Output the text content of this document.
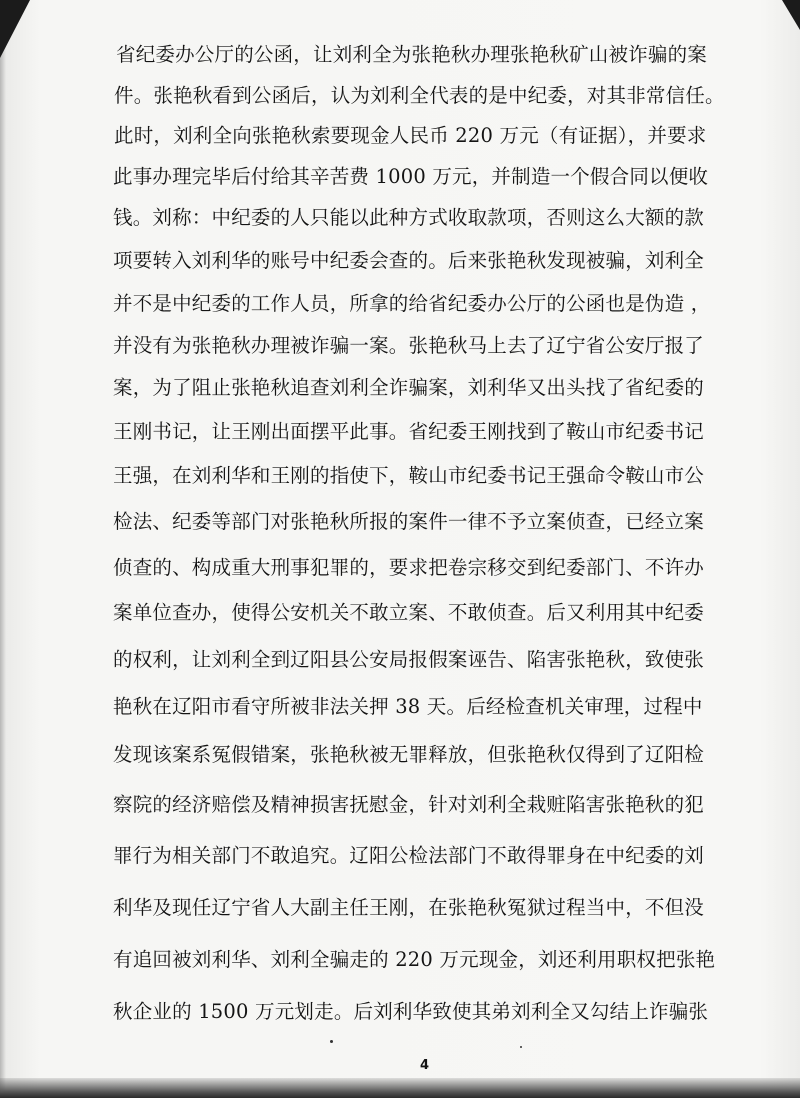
省纪委办公厅的公函，让刘利全为张艳秋办理张艳秋矿山被诈骗的案
件。张艳秋看到公函后，认为刘利全代表的是中纪委，对其非常信任。
此时，刘利全向张艳秋索要现金人民币 220 万元（有证据），并要求
此事办理完毕后付给其辛苦费 1000 万元，并制造一个假合同以便收
钱。刘称：中纪委的人只能以此种方式收取款项，否则这么大额的款
项要转入刘利华的账号中纪委会查的。后来张艳秋发现被骗，刘利全
并不是中纪委的工作人员，所拿的给省纪委办公厅的公函也是伪造 ，
并没有为张艳秋办理被诈骗一案。张艳秋马上去了辽宁省公安厅报了
案，为了阻止张艳秋追查刘利全诈骗案，刘利华又出头找了省纪委的
王刚书记，让王刚出面摆平此事。省纪委王刚找到了鞍山市纪委书记
王强，在刘利华和王刚的指使下，鞍山市纪委书记王强命令鞍山市公
检法、纪委等部门对张艳秋所报的案件一律不予立案侦查，已经立案
侦查的、构成重大刑事犯罪的，要求把卷宗移交到纪委部门、不许办
案单位查办，使得公安机关不敢立案、不敢侦查。后又利用其中纪委
的权利，让刘利全到辽阳县公安局报假案诬告、陷害张艳秋，致使张
艳秋在辽阳市看守所被非法关押 38 天。后经检查机关审理，过程中
发现该案系冤假错案，张艳秋被无罪释放，但张艳秋仅得到了辽阳检
察院的经济赔偿及精神损害抚慰金，针对刘利全栽赃陷害张艳秋的犯
罪行为相关部门不敢追究。辽阳公检法部门不敢得罪身在中纪委的刘
利华及现任辽宁省人大副主任王刚，在张艳秋冤狱过程当中，不但没
有追回被刘利华、刘利全骗走的 220 万元现金，刘还利用职权把张艳
秋企业的 1500 万元划走。后刘利华致使其弟刘利全又勾结上诈骗张
4
